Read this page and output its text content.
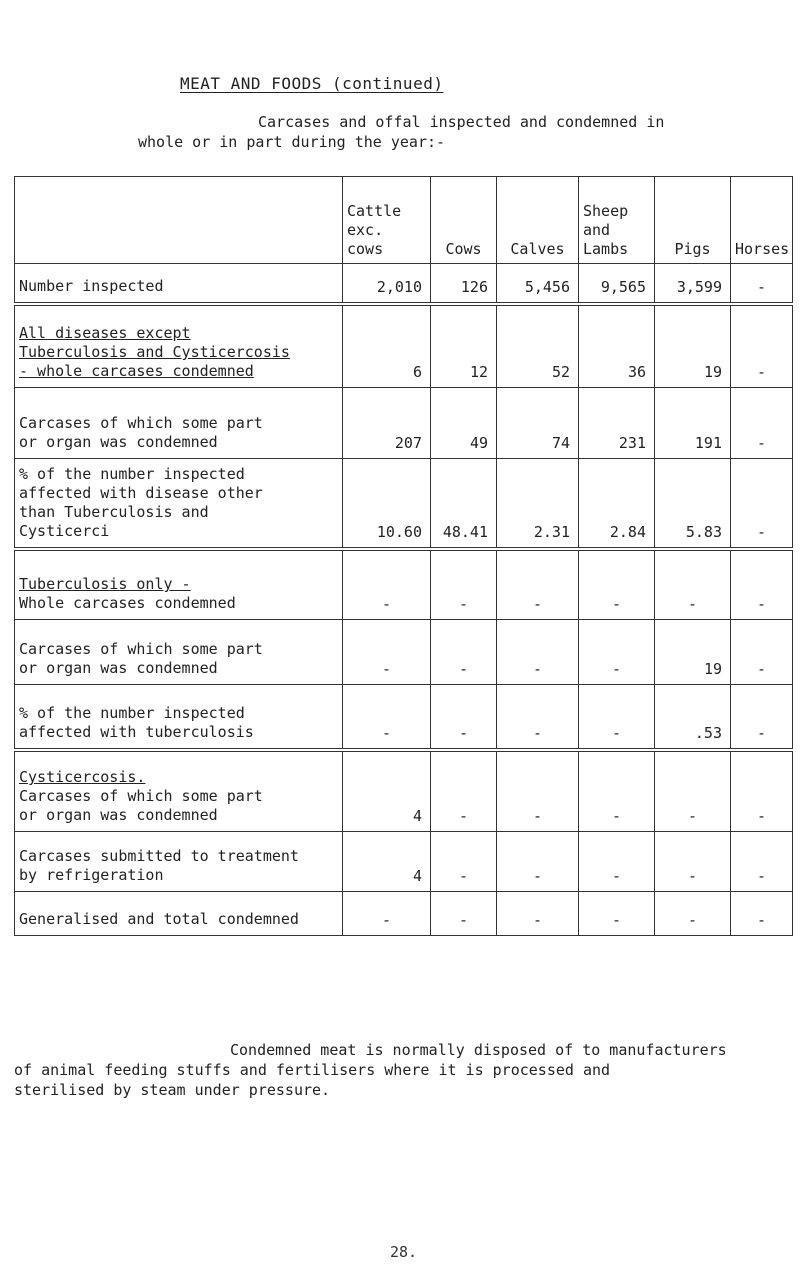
MEAT AND FOODS (continued)
Carcases and offal inspected and condemned in
whole or in part during the year:-
	Cattle
exc.
cows	Cows	Calves	Sheep
and
Lambs	Pigs	Horses
Number inspected	2,010	126	5,456	9,565	3,599	-
All diseases except
Tuberculosis and Cysticercosis
- whole carcases condemned	6	12	52	36	19	-
Carcases of which some part
or organ was condemned	207	49	74	231	191	-
% of the number inspected
affected with disease other
than Tuberculosis and
Cysticerci	10.60	48.41	2.31	2.84	5.83	-
Tuberculosis only -
Whole carcases condemned	-	-	-	-	-	-
Carcases of which some part
or organ was condemned	-	-	-	-	19	-
% of the number inspected
affected with tuberculosis	-	-	-	-	.53	-
Cysticercosis.
Carcases of which some part
or organ was condemned	4	-	-	-	-	-
Carcases submitted to treatment
by refrigeration	4	-	-	-	-	-
Generalised and total condemned	-	-	-	-	-	-
Condemned meat is normally disposed of to manufacturers
of animal feeding stuffs and fertilisers where it is processed and
sterilised by steam under pressure.
28.
